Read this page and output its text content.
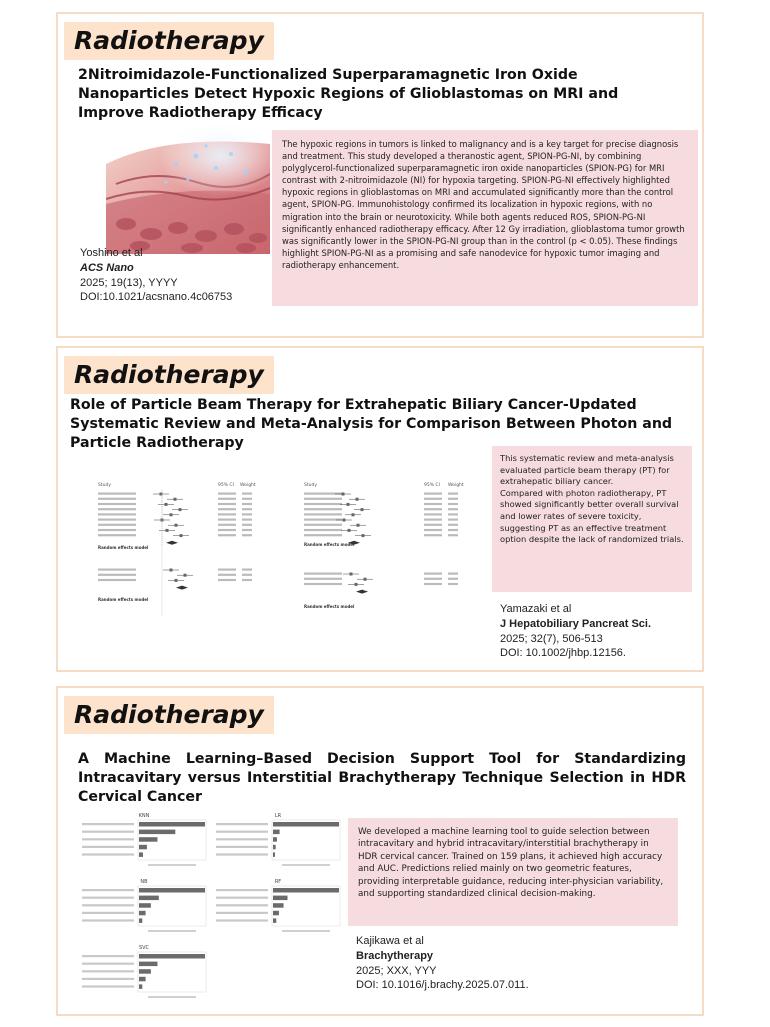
Radiotherapy
2Nitroimidazole-Functionalized Superparamagnetic Iron Oxide Nanoparticles Detect Hypoxic Regions of Glioblastomas on MRI and Improve Radiotherapy Efficacy
The hypoxic regions in tumors is linked to malignancy and is a key target for precise diagnosis and treatment. This study developed a theranostic agent, SPION-PG-NI, by combining polyglycerol-functionalized superparamagnetic iron oxide nanoparticles (SPION-PG) for MRI contrast with 2-nitroimidazole (NI) for hypoxia targeting. SPION-PG-NI effectively highlighted hypoxic regions in glioblastomas on MRI and accumulated significantly more than the control agent, SPION-PG. Immunohistology confirmed its localization in hypoxic regions, with no migration into the brain or neurotoxicity. While both agents reduced ROS, SPION-PG-NI significantly enhanced radiotherapy efficacy. After 12 Gy irradiation, glioblastoma tumor growth was significantly lower in the SPION-PG-NI group than in the control (p < 0.05). These findings highlight SPION-PG-NI as a promising and safe nanodevice for hypoxic tumor imaging and radiotherapy enhancement.
Yoshino et al
ACS Nano
2025; 19(13), YYYY
DOI:10.1021/acsnano.4c06753
Radiotherapy
Role of Particle Beam Therapy for Extrahepatic Biliary Cancer-Updated Systematic Review and Meta-Analysis for Comparison Between Photon and Particle Radiotherapy
Study	95% CI Weight
Random effects model
Random effects model
Study	95% CI Weight
Random effects model
Random effects model
This systematic review and meta-analysis evaluated particle beam therapy (PT) for extrahepatic biliary cancer.
Compared with photon radiotherapy, PT showed significantly better overall survival and lower rates of severe toxicity, suggesting PT as an effective treatment option despite the lack of randomized trials.
Yamazaki et al
J Hepatobiliary Pancreat Sci.
2025; 32(7), 506-513
DOI: 10.1002/jhbp.12156.
Radiotherapy
A Machine Learning–Based Decision Support Tool for Standardizing Intracavitary versus Interstitial Brachytherapy Technique Selection in HDR Cervical Cancer
KNN	LR
NB	RF
SVC
We developed a machine learning tool to guide selection between intracavitary and hybrid intracavitary/interstitial brachytherapy in HDR cervical cancer. Trained on 159 plans, it achieved high accuracy and AUC. Predictions relied mainly on two geometric features, providing interpretable guidance, reducing inter-physician variability, and supporting standardized clinical decision-making.
Kajikawa et al
Brachytherapy
2025; XXX, YYY
DOI: 10.1016/j.brachy.2025.07.011.
